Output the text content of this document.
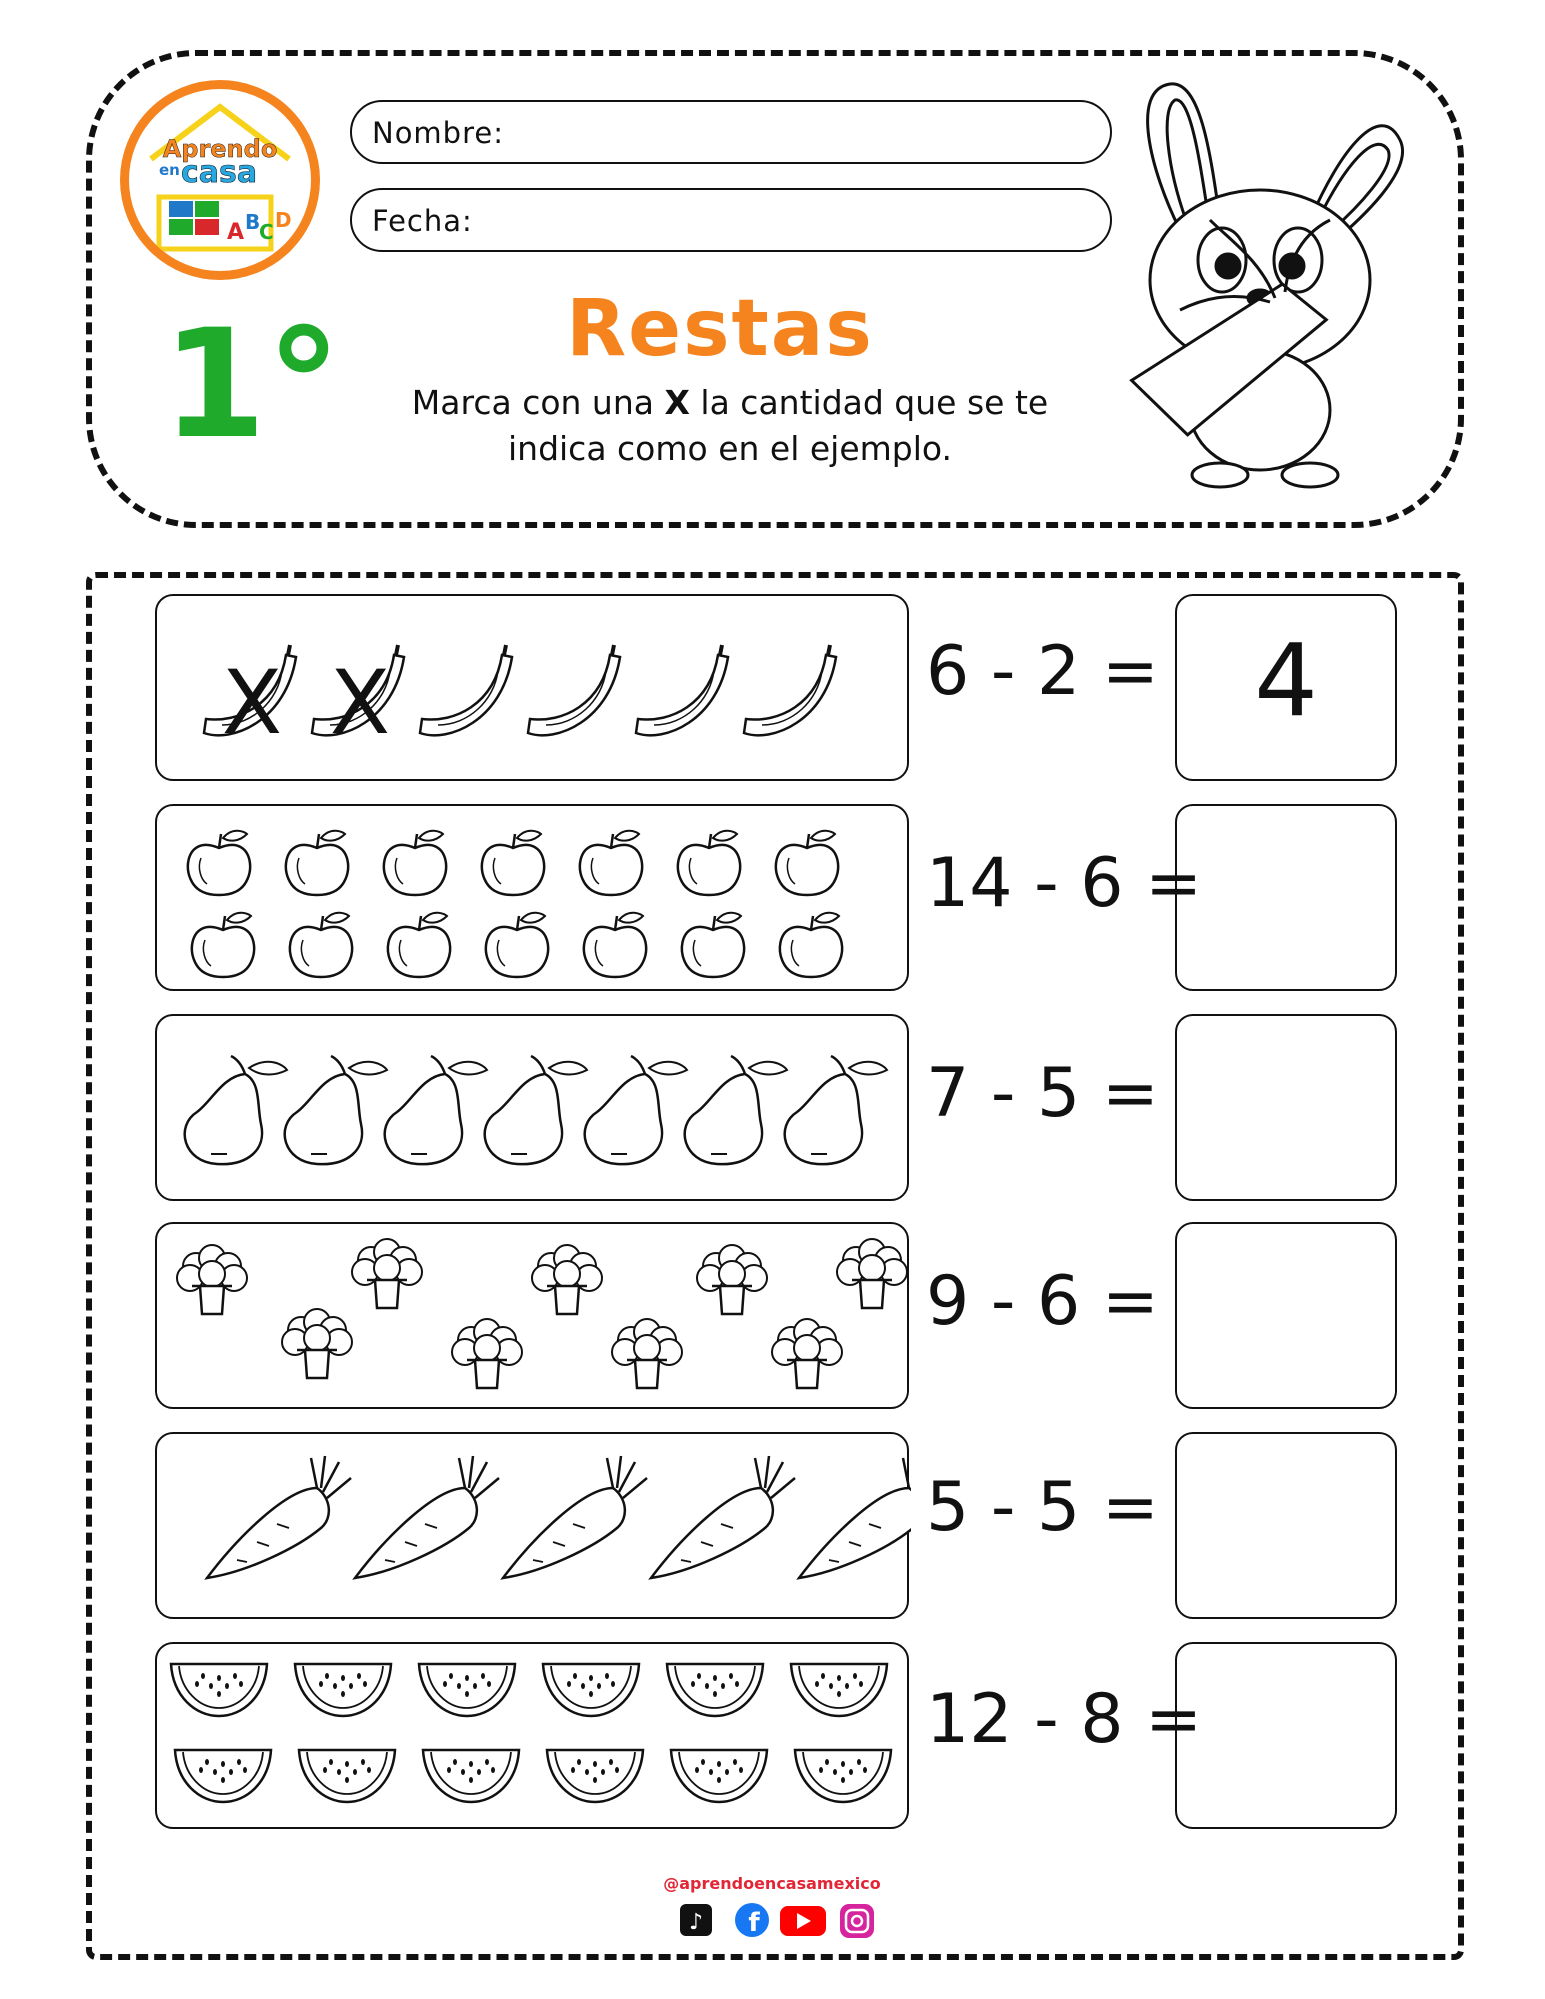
A B
C D
Aprendo
en casa
Nombre:
Fecha:
1°	Restas
Marca con una X la cantidad que se te indica como en el ejemplo.
X X	6 - 2 = 4
14 - 6 =
7 - 5 =
9 - 6 =
5 - 5 =
12 - 8 =
@aprendoencasamexico
♪ f
